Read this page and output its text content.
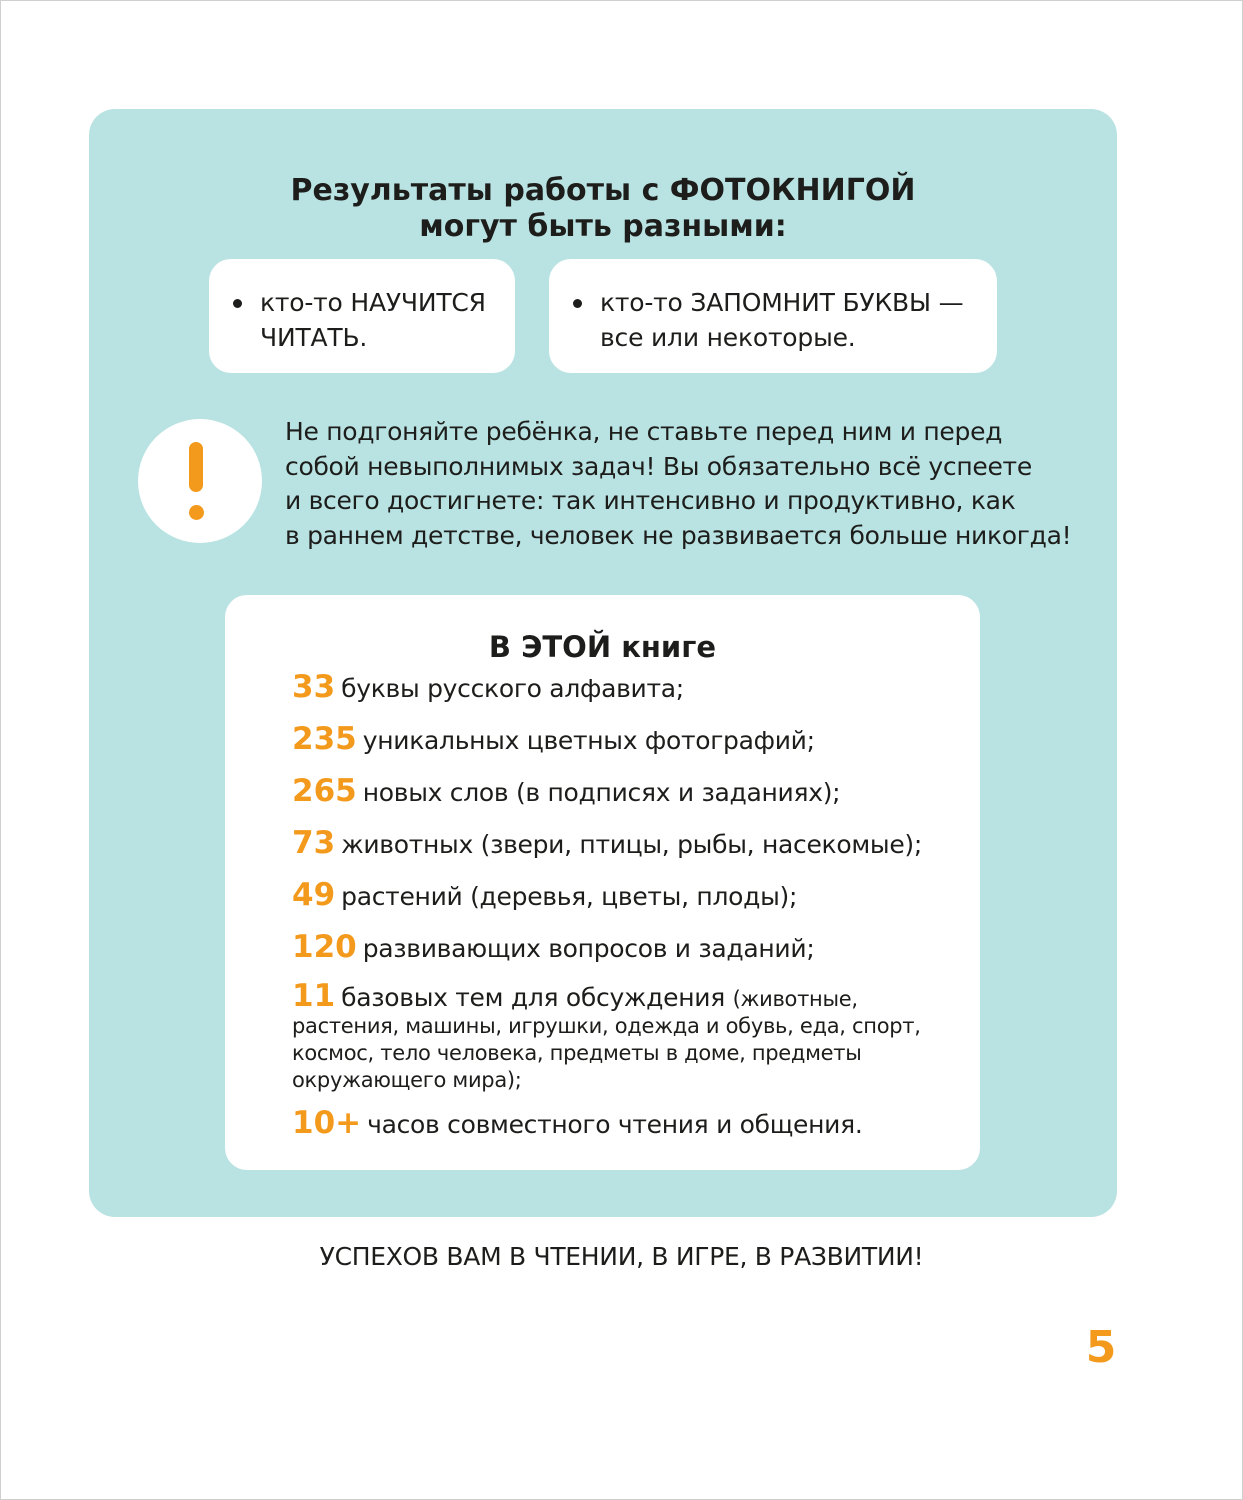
Результаты работы с ФОТОКНИГОЙ
могут быть разными:
кто-то НАУЧИТСЯ
ЧИТАТЬ.
кто-то ЗАПОМНИТ БУКВЫ —
все или некоторые.
Не подгоняйте ребёнка, не ставьте перед ним и перед
собой невыполнимых задач! Вы обязательно всё успеете
и всего достигнете: так интенсивно и продуктивно, как
в раннем детстве, человек не развивается больше никогда!
В ЭТОЙ книге
33 буквы русского алфавита;
235 уникальных цветных фотографий;
265 новых слов (в подписях и заданиях);
73 животных (звери, птицы, рыбы, насекомые);
49 растений (деревья, цветы, плоды);
120 развивающих вопросов и заданий;
11 базовых тем для обсуждения (животные, растения, машины, игрушки, одежда и обувь, еда, спорт, космос, тело человека, предметы в доме, предметы окружающего мира);
10+ часов совместного чтения и общения.
УСПЕХОВ ВАМ В ЧТЕНИИ, В ИГРЕ, В РАЗВИТИИ!
5
